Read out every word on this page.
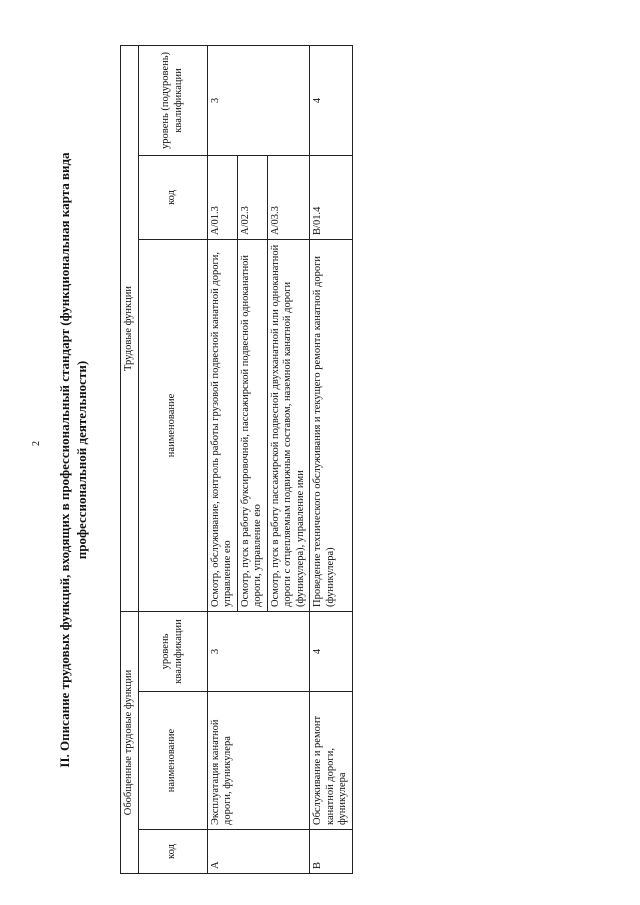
2 II. Описание трудовых функций, входящих в профессиональный стандарт (функциональная карта вида профессиональной деятельности)
Обобщенные трудовые функции			Трудовые функции		
код	наименование	уровень квалификации	наименование	код	уровень (подуровень) квалификации
A	Эксплуатация канатной дороги, фуникулера	3	Осмотр, обслуживание, контроль работы грузовой подвесной канатной дороги, управление ею	A/01.3	3
			Осмотр, пуск в работу буксировочной, пассажирской подвесной одноканатной дороги, управление ею	A/02.3	
			Осмотр, пуск в работу пассажирской подвесной двухканатной или одноканатной дороги с отцепляемым подвижным составом, наземной канатной дороги (фуникулера), управление ими	A/03.3	
B	Обслуживание и ремонт канатной дороги, фуникулера	4	Проведение технического обслуживания и текущего ремонта канатной дороги (фуникулера)	B/01.4	4
